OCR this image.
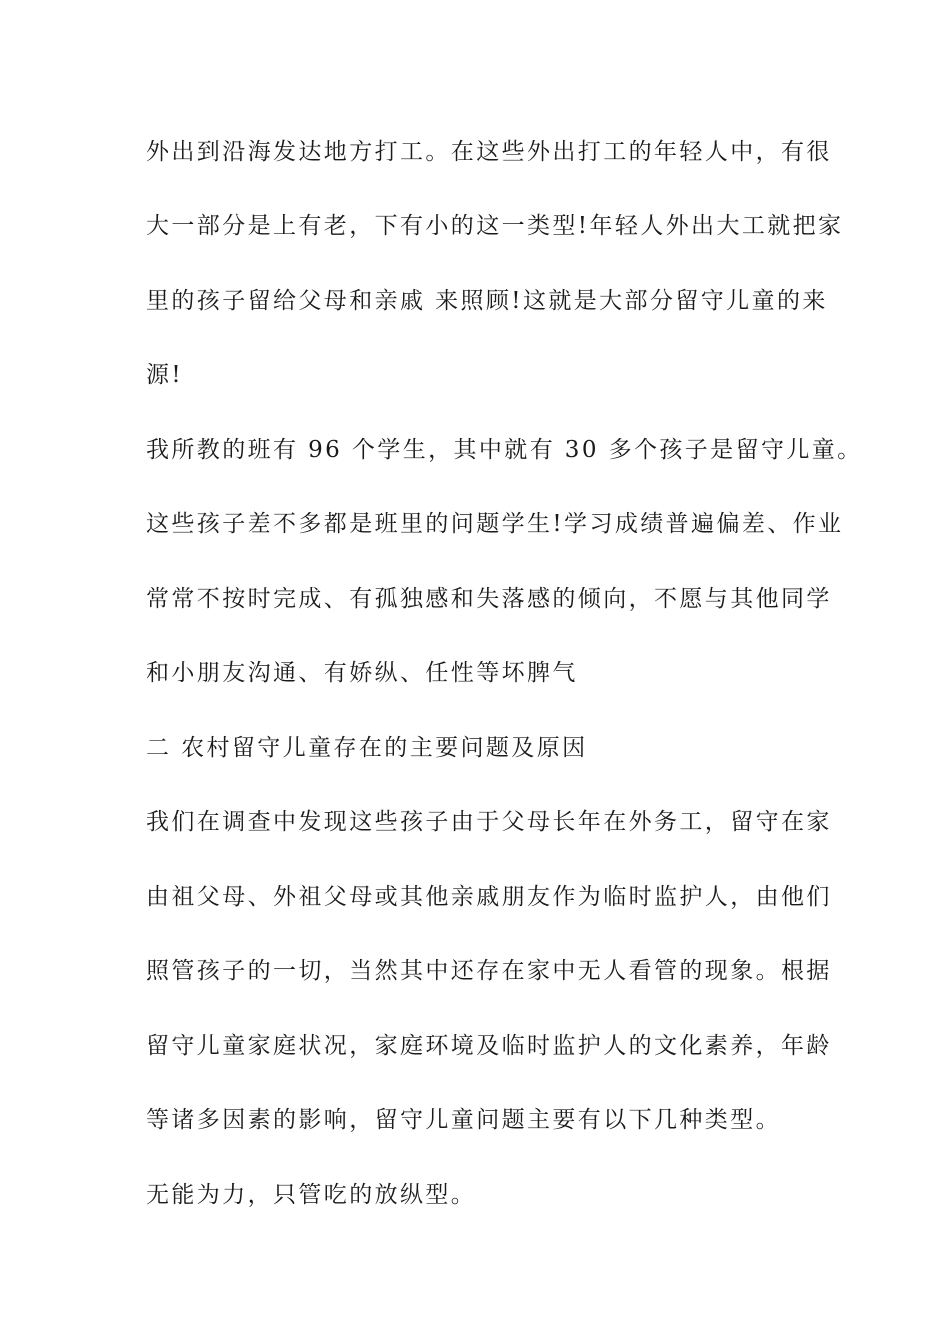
外出到沿海发达地方打工。在这些外出打工的年轻人中，有很
大一部分是上有老，下有小的这一类型!年轻人外出大工就把家
里的孩子留给父母和亲戚 来照顾!这就是大部分留守儿童的来
源!
我所教的班有 96 个学生，其中就有 30 多个孩子是留守儿童。
这些孩子差不多都是班里的问题学生!学习成绩普遍偏差、作业
常常不按时完成、有孤独感和失落感的倾向，不愿与其他同学
和小朋友沟通、有娇纵、任性等坏脾气
二 农村留守儿童存在的主要问题及原因
我们在调查中发现这些孩子由于父母长年在外务工，留守在家
由祖父母、外祖父母或其他亲戚朋友作为临时监护人，由他们
照管孩子的一切，当然其中还存在家中无人看管的现象。根据
留守儿童家庭状况，家庭环境及临时监护人的文化素养，年龄
等诸多因素的影响，留守儿童问题主要有以下几种类型。
无能为力，只管吃的放纵型。
